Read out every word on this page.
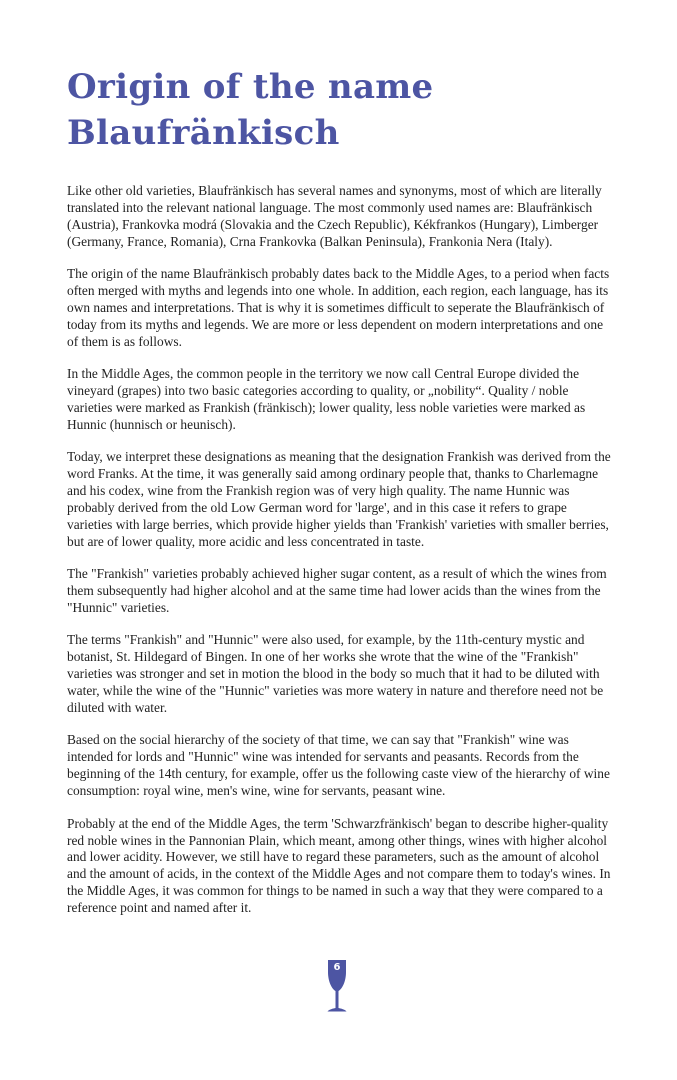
Origin of the name Blaufränkisch

Like other old varieties, Blaufränkisch has several names and synonyms, most of which are literally translated into the relevant national language. The most commonly used names are: Blaufränkisch (Austria), Frankovka modrá (Slovakia and the Czech Republic), Kékfrankos (Hungary), Limberger (Germany, France, Romania), Crna Frankovka (Balkan Peninsula), Frankonia Nera (Italy).

The origin of the name Blaufränkisch probably dates back to the Middle Ages, to a period when facts often merged with myths and legends into one whole. In addition, each region, each language, has its own names and interpretations. That is why it is sometimes difficult to seperate the Blaufränkisch of today from its myths and legends. We are more or less dependent on modern interpretations and one of them is as follows.

In the Middle Ages, the common people in the territory we now call Central Europe divided the vineyard (grapes) into two basic categories according to quality, or „nobility“. Quality / noble varieties were marked as Frankish (fränkisch); lower quality, less noble varieties were marked as Hunnic (hunnisch or heunisch).

Today, we interpret these designations as meaning that the designation Frankish was derived from the word Franks. At the time, it was generally said among ordinary people that, thanks to Charlemagne and his codex, wine from the Frankish region was of very high quality. The name Hunnic was probably derived from the old Low German word for 'large', and in this case it refers to grape varieties with large berries, which provide higher yields than 'Frankish' varieties with smaller berries, but are of lower quality, more acidic and less concentrated in taste.

The "Frankish" varieties probably achieved higher sugar content, as a result of which the wines from them subsequently had higher alcohol and at the same time had lower acids than the wines from the "Hunnic" varieties.

The terms "Frankish" and "Hunnic" were also used, for example, by the 11th-century mystic and botanist, St. Hildegard of Bingen. In one of her works she wrote that the wine of the "Frankish" varieties was stronger and set in motion the blood in the body so much that it had to be diluted with water, while the wine of the "Hunnic" varieties was more watery in nature and therefore need not be diluted with water.

Based on the social hierarchy of the society of that time, we can say that "Frankish" wine was intended for lords and "Hunnic" wine was intended for servants and peasants. Records from the beginning of the 14th century, for example, offer us the following caste view of the hierarchy of wine consumption: royal wine, men's wine, wine for servants, peasant wine.

Probably at the end of the Middle Ages, the term 'Schwarzfränkisch' began to describe higher-quality red noble wines in the Pannonian Plain, which meant, among other things, wines with higher alcohol and lower acidity. However, we still have to regard these parameters, such as the amount of alcohol and the amount of acids, in the context of the Middle Ages and not compare them to today's wines. In the Middle Ages, it was common for things to be named in such a way that they were compared to a reference point and named after it.

6
